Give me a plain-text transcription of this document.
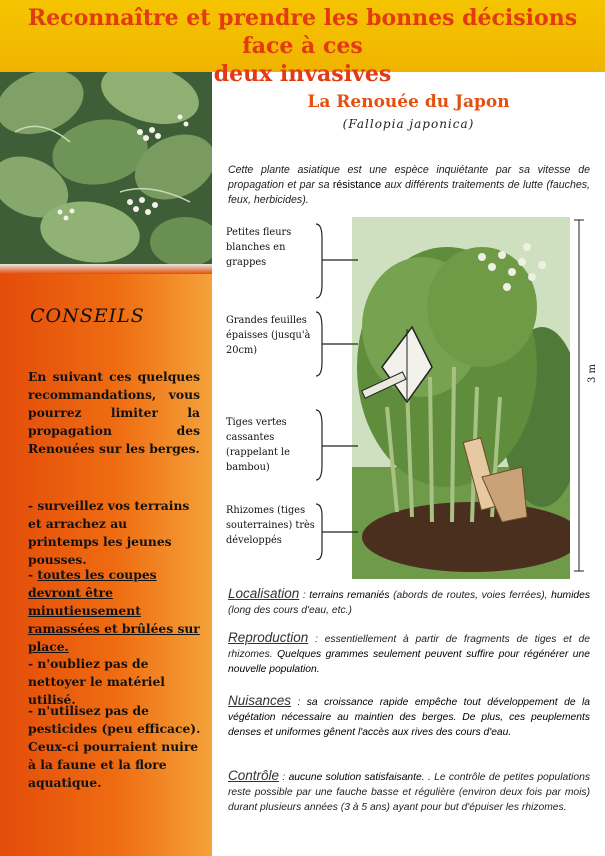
Reconnaître et prendre les bonnes décisions face à ces
deux invasives
CONSEILS
En suivant ces quelques recommandations, vous pourrez limiter la propagation des Renouées sur les berges.
- surveillez vos terrains et arrachez au printemps les jeunes pousses.
- toutes les coupes devront être minutieusement ramassées et brûlées sur place.
- n'oubliez pas de nettoyer le matériel utilisé.
- n'utilisez pas de pesticides (peu efficace). Ceux-ci pourraient nuire à la faune et la flore aquatique.
La Renouée du Japon
(Fallopia japonica)
Cette plante asiatique est une espèce inquiétante par sa vitesse de propagation et par sa résistance aux différents traitements de lutte (fauches, feux, herbicides).
3 m
Petites fleurs
blanches en
grappes
Grandes feuilles
épaisses (jusqu'à
20cm)
Tiges vertes
cassantes
(rappelant le
bambou)
Rhizomes (tiges
souterraines) très
développés
Localisation : terrains remaniés (abords de routes, voies ferrées), humides (long des cours d'eau, etc.)
Reproduction : essentiellement à partir de fragments de tiges et de rhizomes. Quelques grammes seulement peuvent suffire pour régénérer une nouvelle population.
Nuisances : sa croissance rapide empêche tout développement de la végétation nécessaire au maintien des berges. De plus, ces peuplements denses et uniformes gênent l'accès aux rives des cours d'eau.
Contrôle : aucune solution satisfaisante. . Le contrôle de petites populations reste possible par une fauche basse et régulière (environ deux fois par mois) durant plusieurs années (3 à 5 ans) ayant pour but d'épuiser les rhizomes.
